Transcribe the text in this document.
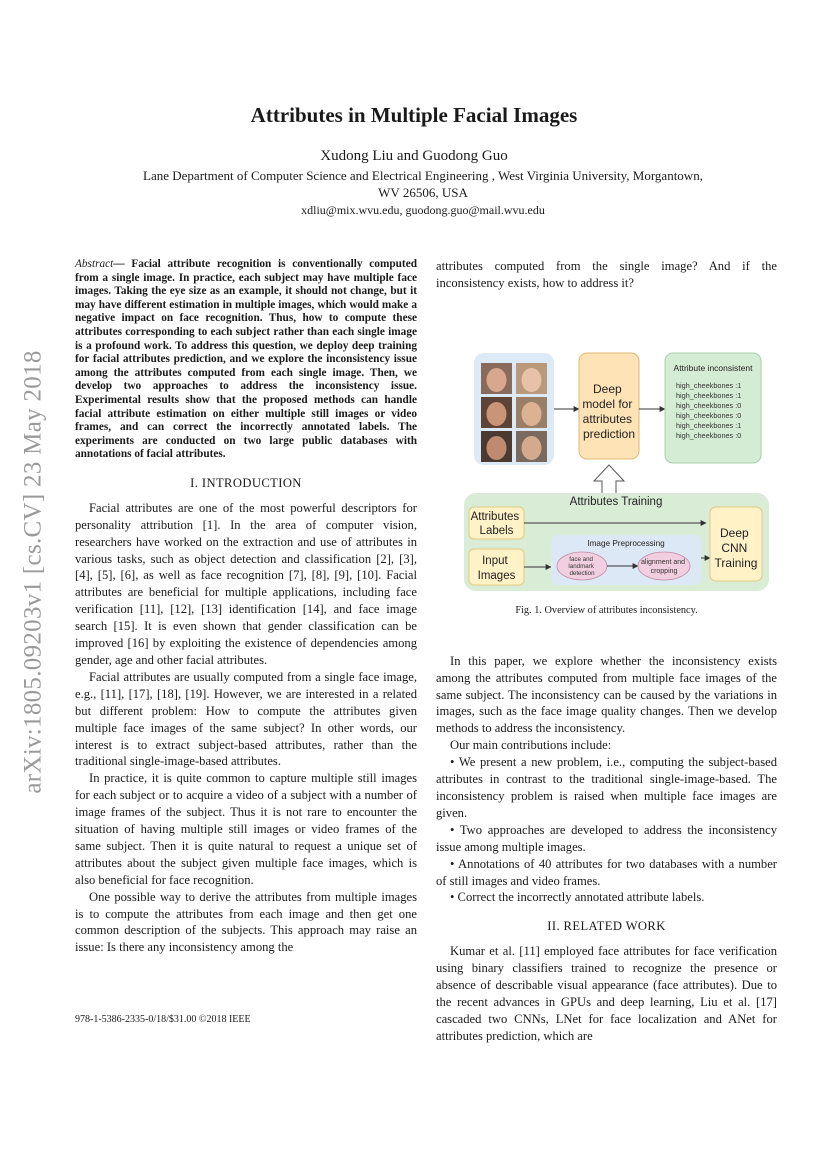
arXiv:1805.09203v1 [cs.CV] 23 May 2018
Attributes in Multiple Facial Images
Xudong Liu and Guodong Guo
Lane Department of Computer Science and Electrical Engineering , West Virginia University, Morgantown,
WV 26506, USA
xdliu@mix.wvu.edu, guodong.guo@mail.wvu.edu

Abstract— Facial attribute recognition is conventionally computed from a single image. In practice, each subject may have multiple face images. Taking the eye size as an example, it should not change, but it may have different estimation in multiple images, which would make a negative impact on face recognition. Thus, how to compute these attributes corresponding to each subject rather than each single image is a profound work. To address this question, we deploy deep training for facial attributes prediction, and we explore the inconsistency issue among the attributes computed from each single image. Then, we develop two approaches to address the inconsistency issue. Experimental results show that the proposed methods can handle facial attribute estimation on either multiple still images or video frames, and can correct the incorrectly annotated labels. The experiments are conducted on two large public databases with annotations of facial attributes.

I. INTRODUCTION

Facial attributes are one of the most powerful descriptors for personality attribution [1]. In the area of computer vision, researchers have worked on the extraction and use of attributes in various tasks, such as object detection and classification [2], [3], [4], [5], [6], as well as face recognition [7], [8], [9], [10]. Facial attributes are beneficial for multiple applications, including face verification [11], [12], [13] identification [14], and face image search [15]. It is even shown that gender classification can be improved [16] by exploiting the existence of dependencies among gender, age and other facial attributes.

Facial attributes are usually computed from a single face image, e.g., [11], [17], [18], [19]. However, we are interested in a related but different problem: How to compute the attributes given multiple face images of the same subject? In other words, our interest is to extract subject-based attributes, rather than the traditional single-image-based attributes.

In practice, it is quite common to capture multiple still images for each subject or to acquire a video of a subject with a number of image frames of the subject. Thus it is not rare to encounter the situation of having multiple still images or video frames of the same subject. Then it is quite natural to request a unique set of attributes about the subject given multiple face images, which is also beneficial for face recognition.

One possible way to derive the attributes from multiple images is to compute the attributes from each image and then get one common description of the subjects. This approach may raise an issue: Is there any inconsistency among the

978-1-5386-2335-0/18/$31.00 ©2018 IEEE

attributes computed from the single image? And if the inconsistency exists, how to address it?

Deep model for attributes prediction
Attribute inconsistent
high_cheekbones :1 high_cheekbones :1 high_cheekbones :0 high_cheekbones :0 high_cheekbones :1 high_cheekbones :0
Attributes Training
Attributes Labels
Input Images
Image Preprocessing
face and landmark detection
alignment and cropping
Deep CNN Training
Fig. 1. Overview of attributes inconsistency.

In this paper, we explore whether the inconsistency exists among the attributes computed from multiple face images of the same subject. The inconsistency can be caused by the variations in images, such as the face image quality changes. Then we develop methods to address the inconsistency.

Our main contributions include:

• We present a new problem, i.e., computing the subject-based attributes in contrast to the traditional single-image-based. The inconsistency problem is raised when multiple face images are given.

• Two approaches are developed to address the inconsistency issue among multiple images.

• Annotations of 40 attributes for two databases with a number of still images and video frames.

• Correct the incorrectly annotated attribute labels.

II. RELATED WORK

Kumar et al. [11] employed face attributes for face verification using binary classifiers trained to recognize the presence or absence of describable visual appearance (face attributes). Due to the recent advances in GPUs and deep learning, Liu et al. [17] cascaded two CNNs, LNet for face localization and ANet for attributes prediction, which are
